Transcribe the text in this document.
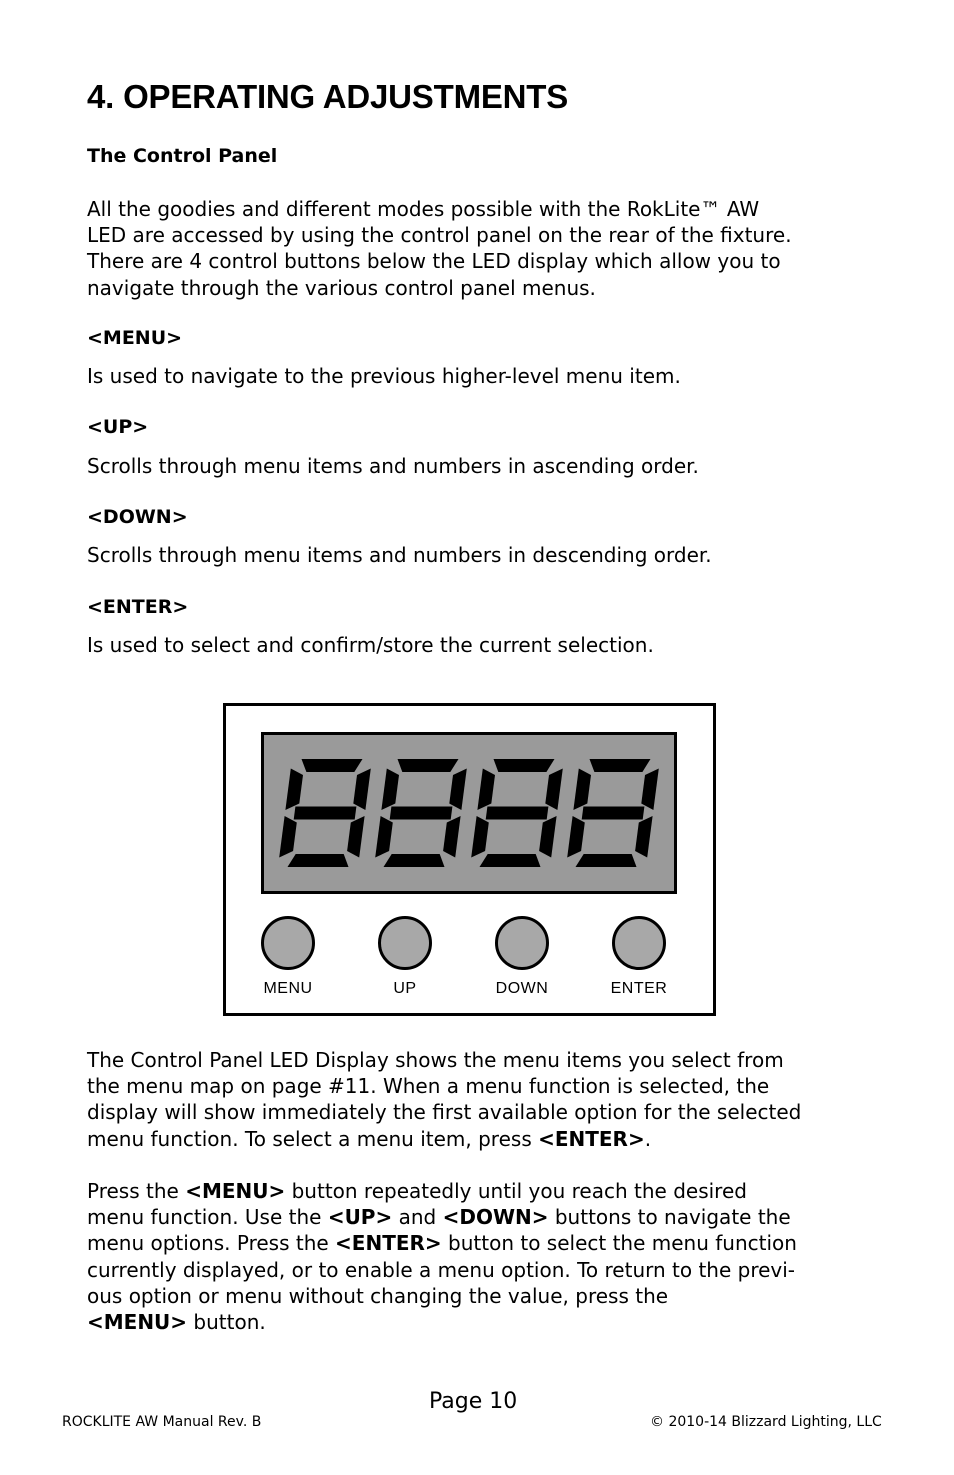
4. OPERATING ADJUSTMENTS
The Control Panel
All the goodies and different modes possible with the RokLite™ AW
LED are accessed by using the control panel on the rear of the fixture.
There are 4 control buttons below the LED display which allow you to
navigate through the various control panel menus.
<MENU>
Is used to navigate to the previous higher-level menu item.
<UP>
Scrolls through menu items and numbers in ascending order.
<DOWN>
Scrolls through menu items and numbers in descending order.
<ENTER>
Is used to select and confirm/store the current selection.
MENU	UP	DOWN	ENTER
The Control Panel LED Display shows the menu items you select from
the menu map on page #11. When a menu function is selected, the
display will show immediately the first available option for the selected
menu function. To select a menu item, press <ENTER>.
Press the <MENU> button repeatedly until you reach the desired
menu function. Use the <UP> and <DOWN> buttons to navigate the
menu options. Press the <ENTER> button to select the menu function
currently displayed, or to enable a menu option. To return to the previ-
ous option or menu without changing the value, press the
<MENU> button.
Page 10
ROCKLITE AW Manual Rev. B	© 2010-14 Blizzard Lighting, LLC
